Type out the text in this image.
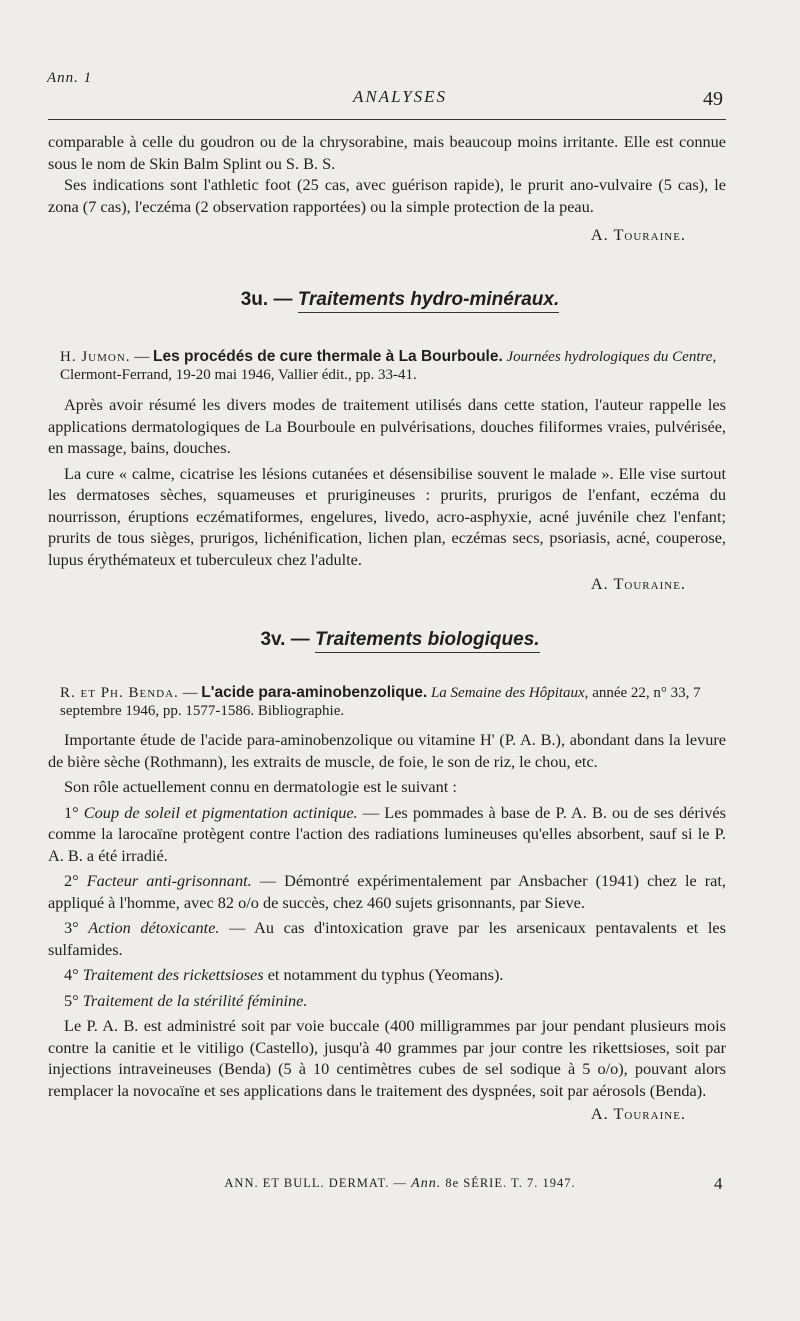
Ann. 1
ANALYSES	49

comparable à celle du goudron ou de la chrysorabine, mais beaucoup moins irritante. Elle est connue sous le nom de Skin Balm Splint ou S. B. S.

Ses indications sont l'athletic foot (25 cas, avec guérison rapide), le prurit ano-vulvaire (5 cas), le zona (7 cas), l'eczéma (2 observation rapportées) ou la simple protection de la peau.

A. Touraine.

3u. — Traitements hydro-minéraux.
H. Jumon. — Les procédés de cure thermale à La Bourboule. Journées hydrologiques du Centre, Clermont-Ferrand, 19-20 mai 1946, Vallier édit., pp. 33-41.

Après avoir résumé les divers modes de traitement utilisés dans cette station, l'auteur rappelle les applications dermatologiques de La Bourboule en pulvérisations, douches filiformes vraies, pulvérisée, en massage, bains, douches.

La cure « calme, cicatrise les lésions cutanées et désensibilise souvent le malade ». Elle vise surtout les dermatoses sèches, squameuses et prurigineuses : prurits, prurigos de l'enfant, eczéma du nourrisson, éruptions eczématiformes, engelures, livedo, acro-asphyxie, acné juvénile chez l'enfant; prurits de tous sièges, prurigos, lichénification, lichen plan, eczémas secs, psoriasis, acné, couperose, lupus érythémateux et tuberculeux chez l'adulte.

A. Touraine.

3v. — Traitements biologiques.
R. et Ph. Benda. — L'acide para-aminobenzolique. La Semaine des Hôpitaux, année 22, n° 33, 7 septembre 1946, pp. 1577-1586. Bibliographie.

Importante étude de l'acide para-aminobenzolique ou vitamine H' (P. A. B.), abondant dans la levure de bière sèche (Rothmann), les extraits de muscle, de foie, le son de riz, le chou, etc.

Son rôle actuellement connu en dermatologie est le suivant :

1° Coup de soleil et pigmentation actinique. — Les pommades à base de P. A. B. ou de ses dérivés comme la larocaïne protègent contre l'action des radiations lumineuses qu'elles absorbent, sauf si le P. A. B. a été irradié.

2° Facteur anti-grisonnant. — Démontré expérimentalement par Ansbacher (1941) chez le rat, appliqué à l'homme, avec 82 o/o de succès, chez 460 sujets grisonnants, par Sieve.

3° Action détoxicante. — Au cas d'intoxication grave par les arsenicaux pentavalents et les sulfamides.

4° Traitement des rickettsioses et notamment du typhus (Yeomans).

5° Traitement de la stérilité féminine.

Le P. A. B. est administré soit par voie buccale (400 milligrammes par jour pendant plusieurs mois contre la canitie et le vitiligo (Castello), jusqu'à 40 grammes par jour contre les rikettsioses, soit par injections intraveineuses (Benda) (5 à 10 centimètres cubes de sel sodique à 5 o/o), pouvant alors remplacer la novocaïne et ses applications dans le traitement des dyspnées, soit par aérosols (Benda).

A. Touraine.

ANN. ET BULL. DERMAT. — Ann. 8e SÉRIE. T. 7. 1947.	4
